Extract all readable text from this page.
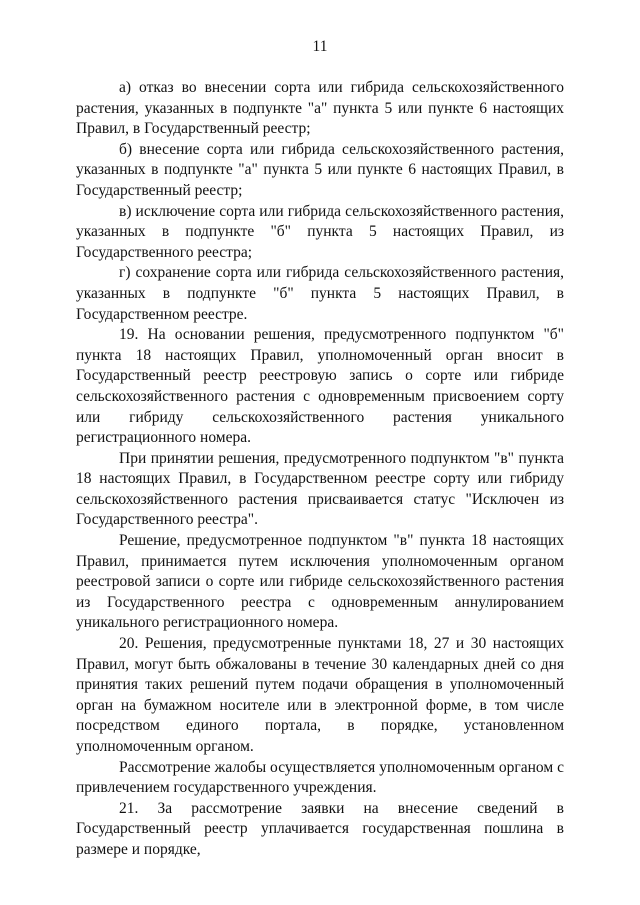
11

а) отказ во внесении сорта или гибрида сельскохозяйственного растения, указанных в подпункте "а" пункта 5 или пункте 6 настоящих Правил, в Государственный реестр;

б) внесение сорта или гибрида сельскохозяйственного растения, указанных в подпункте "а" пункта 5 или пункте 6 настоящих Правил, в Государственный реестр;

в) исключение сорта или гибрида сельскохозяйственного растения, указанных в подпункте "б" пункта 5 настоящих Правил, из Государственного реестра;

г) сохранение сорта или гибрида сельскохозяйственного растения, указанных в подпункте "б" пункта 5 настоящих Правил, в Государственном реестре.

19. На основании решения, предусмотренного подпунктом "б" пункта 18 настоящих Правил, уполномоченный орган вносит в Государственный реестр реестровую запись о сорте или гибриде сельскохозяйственного растения с одновременным присвоением сорту или гибриду сельскохозяйственного растения уникального регистрационного номера.

При принятии решения, предусмотренного подпунктом "в" пункта 18 настоящих Правил, в Государственном реестре сорту или гибриду сельскохозяйственного растения присваивается статус "Исключен из Государственного реестра".

Решение, предусмотренное подпунктом "в" пункта 18 настоящих Правил, принимается путем исключения уполномоченным органом реестровой записи о сорте или гибриде сельскохозяйственного растения из Государственного реестра с одновременным аннулированием уникального регистрационного номера.

20. Решения, предусмотренные пунктами 18, 27 и 30 настоящих Правил, могут быть обжалованы в течение 30 календарных дней со дня принятия таких решений путем подачи обращения в уполномоченный орган на бумажном носителе или в электронной форме, в том числе посредством единого портала, в порядке, установленном уполномоченным органом.

Рассмотрение жалобы осуществляется уполномоченным органом с привлечением государственного учреждения.

21. За рассмотрение заявки на внесение сведений в Государственный реестр уплачивается государственная пошлина в размере и порядке,
